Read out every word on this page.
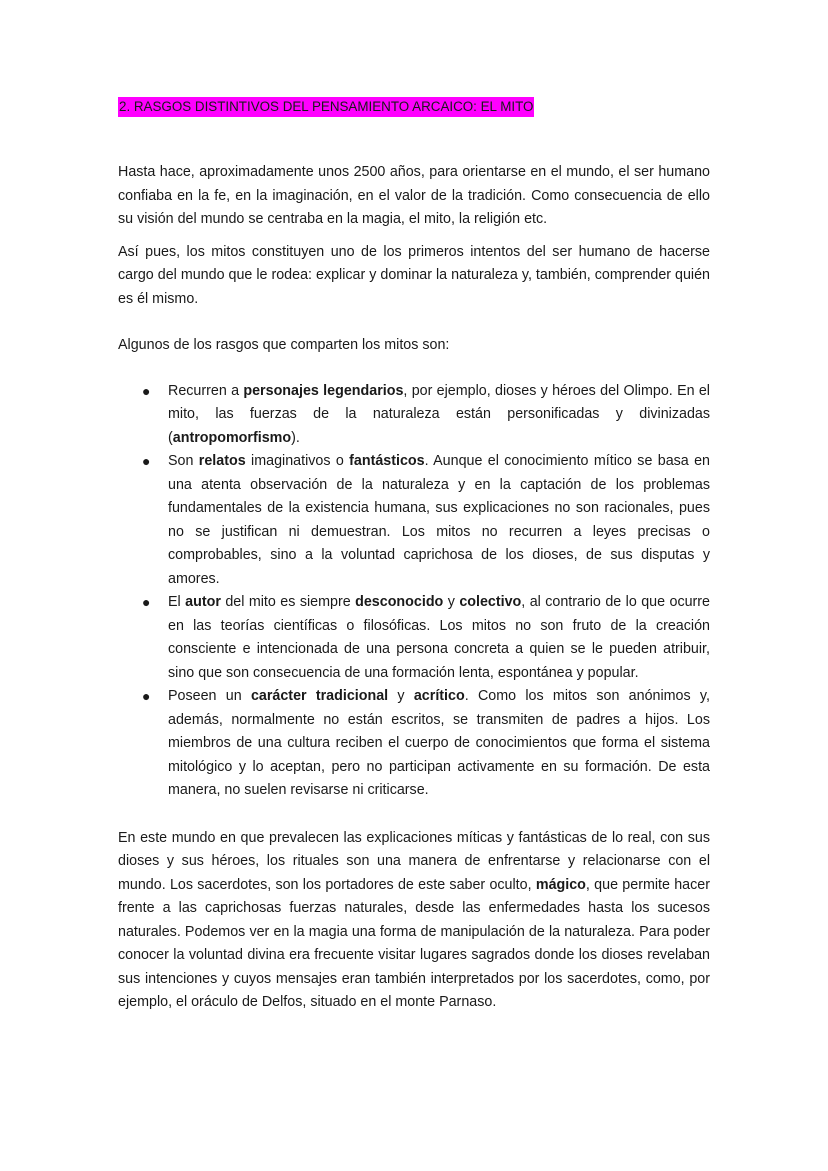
2. RASGOS DISTINTIVOS DEL PENSAMIENTO ARCAICO: EL MITO

Hasta hace, aproximadamente unos 2500 años, para orientarse en el mundo, el ser humano confiaba en la fe, en la imaginación, en el valor de la tradición. Como consecuencia de ello su visión del mundo se centraba en la magia, el mito, la religión etc.

Así pues, los mitos constituyen uno de los primeros intentos del ser humano de hacerse cargo del mundo que le rodea: explicar y dominar la naturaleza y, también, comprender quién es él mismo.

Algunos de los rasgos que comparten los mitos son:

● Recurren a personajes legendarios, por ejemplo, dioses y héroes del Olimpo. En el mito, las fuerzas de la naturaleza están personificadas y divinizadas (antropomorfismo).
● Son relatos imaginativos o fantásticos. Aunque el conocimiento mítico se basa en una atenta observación de la naturaleza y en la captación de los problemas fundamentales de la existencia humana, sus explicaciones no son racionales, pues no se justifican ni demuestran. Los mitos no recurren a leyes precisas o comprobables, sino a la voluntad caprichosa de los dioses, de sus disputas y amores.
● El autor del mito es siempre desconocido y colectivo, al contrario de lo que ocurre en las teorías científicas o filosóficas. Los mitos no son fruto de la creación consciente e intencionada de una persona concreta a quien se le pueden atribuir, sino que son consecuencia de una formación lenta, espontánea y popular.
● Poseen un carácter tradicional y acrítico. Como los mitos son anónimos y, además, normalmente no están escritos, se transmiten de padres a hijos. Los miembros de una cultura reciben el cuerpo de conocimientos que forma el sistema mitológico y lo aceptan, pero no participan activamente en su formación. De esta manera, no suelen revisarse ni criticarse.

En este mundo en que prevalecen las explicaciones míticas y fantásticas de lo real, con sus dioses y sus héroes, los rituales son una manera de enfrentarse y relacionarse con el mundo. Los sacerdotes, son los portadores de este saber oculto, mágico, que permite hacer frente a las caprichosas fuerzas naturales, desde las enfermedades hasta los sucesos naturales. Podemos ver en la magia una forma de manipulación de la naturaleza. Para poder conocer la voluntad divina era frecuente visitar lugares sagrados donde los dioses revelaban sus intenciones y cuyos mensajes eran también interpretados por los sacerdotes, como, por ejemplo, el oráculo de Delfos, situado en el monte Parnaso.
